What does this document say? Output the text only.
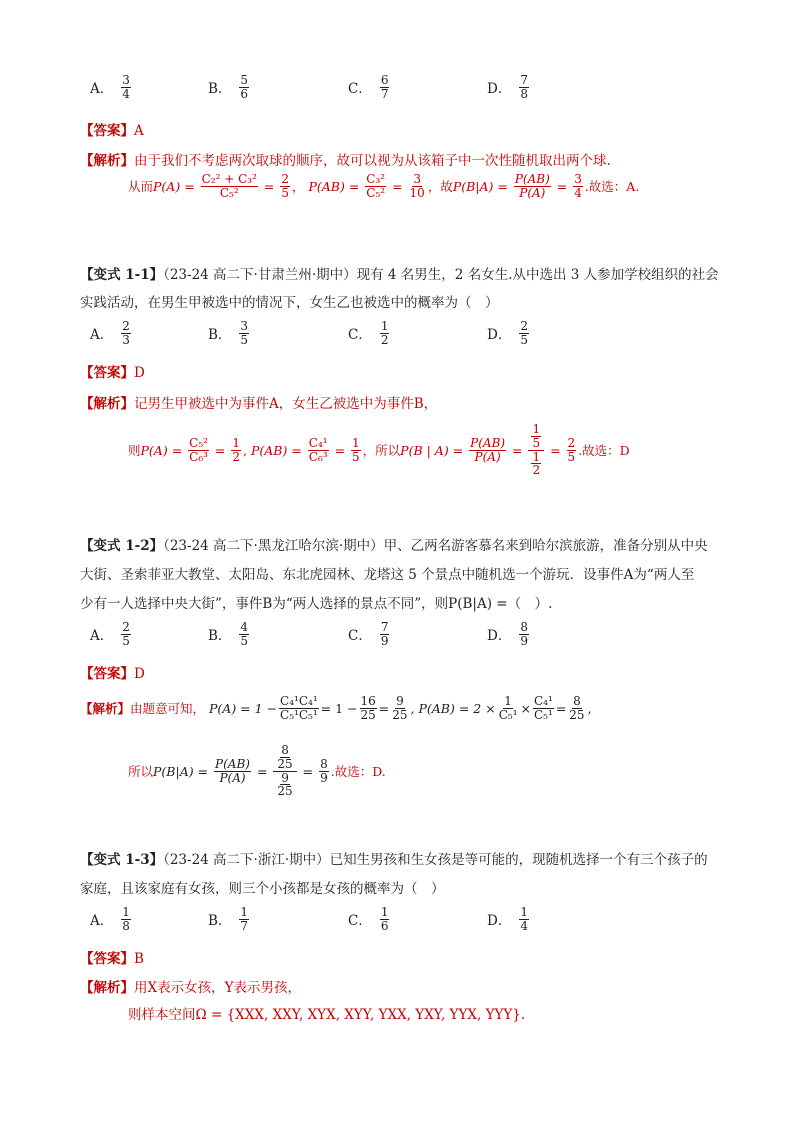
A． $\frac{3}{4}$	B． $\frac{5}{6}$	C． $\frac{6}{7}$	D． $\frac{7}{8}$
【答案】A
【解析】由于我们不考虑两次取球的顺序，故可以视为从该箱子中一次性随机取出两个球.
从而 $P(A) = \frac{\text{C₂² + C₃²}}{\text{C₅²}} = \frac{2}{5}$ ， $P(AB) = \frac{\text{C₃²}}{\text{C₅²}} = \frac{3}{10}$ ，故 $P(B|A) = \frac{P(AB)}{P(A)} = \frac{3}{4}$ .故选：A.
【变式 1-1】（23-24 高二下·甘肃兰州·期中）现有 4 名男生，2 名女生.从中选出 3 人参加学校组织的社会
实践活动，在男生甲被选中的情况下，女生乙也被选中的概率为（　）
A． $\frac{2}{3}$	B． $\frac{3}{5}$	C． $\frac{1}{2}$	D． $\frac{2}{5}$
【答案】D
【解析】记男生甲被选中为事件A，女生乙被选中为事件B，
则 $P(A) = \frac{\text{C₅²}}{\text{C₆³}} = \frac{1}{2}$ , $P(AB) = \frac{\text{C₄¹}}{\text{C₆³}} = \frac{1}{5}$ ，所以 P(B | $A) = \frac{P(AB)}{P(A)} = \frac{\frac{1}{5}}{\frac{1}{2}} = \frac{2}{5}$ .故选：D
【变式 1-2】（23-24 高二下·黑龙江哈尔滨·期中）甲、乙两名游客慕名来到哈尔滨旅游，准备分别从中央
大街、圣索菲亚大教堂、太阳岛、东北虎园林、龙塔这 5 个景点中随机选一个游玩．设事件A为“两人至
少有一人选择中央大街”，事件B为“两人选择的景点不同”，则P(B|A) =（　）.
A． $\frac{2}{5}$	B． $\frac{4}{5}$	C． $\frac{7}{9}$	D． $\frac{8}{9}$
【答案】D
【解析】 由题意可知，
$P(A) = 1 - \frac{\text{C₄¹C₄¹}}{\text{C₅¹C₅¹}} = 1 - \frac{16}{25} = \frac{9}{25}$ , $P(AB) = 2 \times \frac{1}{\text{C₅¹}} \times \frac{\text{C₄¹}}{\text{C₅¹}} = \frac{8}{25}$ ,
所以 P(B|A) =
$\frac{P(AB)}{P(A)} = \frac{\frac{8}{25}}{\frac{9}{25}} = \frac{8}{9}$ .故选：D.
【变式 1-3】（23-24 高二下·浙江·期中）已知生男孩和生女孩是等可能的，现随机选择一个有三个孩子的
家庭，且该家庭有女孩，则三个小孩都是女孩的概率为（　）
A． $\frac{1}{8}$	B． $\frac{1}{7}$	C． $\frac{1}{6}$	D． $\frac{1}{4}$
【答案】B
【解析】用X表示女孩，Y表示男孩，
则样本空间Ω = {XXX, XXY, XYX, XYY, YXX, YXY, YYX, YYY}.
